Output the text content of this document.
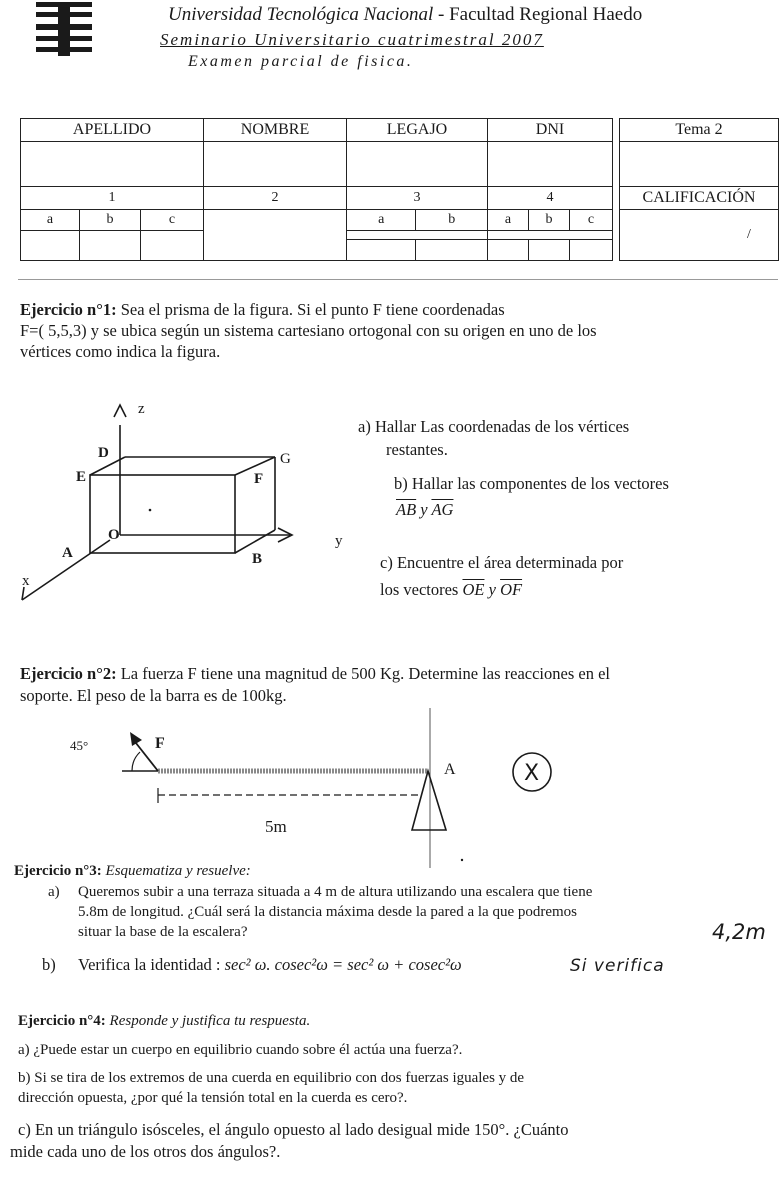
Universidad Tecnológica Nacional - Facultad Regional Haedo
Seminario Universitario cuatrimestral 2007
Examen parcial de fisica.
APELLIDO			NOMBRE	LEGAJO		DNI				Tema 2

1			2	3		4				CALIFICACIÓN
a	b	c		a	b	a	b	c		/

Ejercicio n°1: Sea el prisma de la figura. Si el punto F tiene coordenadas
F=( 5,5,3) y se ubica según un sistema cartesiano ortogonal con su origen en uno de los
vértices como indica la figura.
z
y
x
D	G
E	F
O
A	B
a) Hallar Las coordenadas de los vértices
restantes.
b) Hallar las componentes de los vectores
$\overline{AB}$ y $\overline{AG}$
c) Encuentre el área determinada por
los vectores $\overline{OE}$ y $\overline{OF}$
Ejercicio n°2: La fuerza F tiene una magnitud de 500 Kg. Determine las reacciones en el
soporte. El peso de la barra es de 100kg.
45°	F
A
5m
X
Ejercicio n°3: Esquematiza y resuelve:
a) Queremos subir a una terraza situada a 4 m de altura utilizando una escalera que tiene
5.8m de longitud. ¿Cuál será la distancia máxima desde la pared a la que podremos
situar la base de la escalera?	4,2m
b) Verifica la identidad : sec² ω. cosec²ω = sec² ω + cosec²ω	Si verifica
Ejercicio n°4: Responde y justifica tu respuesta.
a) ¿Puede estar un cuerpo en equilibrio cuando sobre él actúa una fuerza?.
b) Si se tira de los extremos de una cuerda en equilibrio con dos fuerzas iguales y de
dirección opuesta, ¿por qué la tensión total en la cuerda es cero?.
c) En un triángulo isósceles, el ángulo opuesto al lado desigual mide 150°. ¿Cuánto
mide cada uno de los otros dos ángulos?.
